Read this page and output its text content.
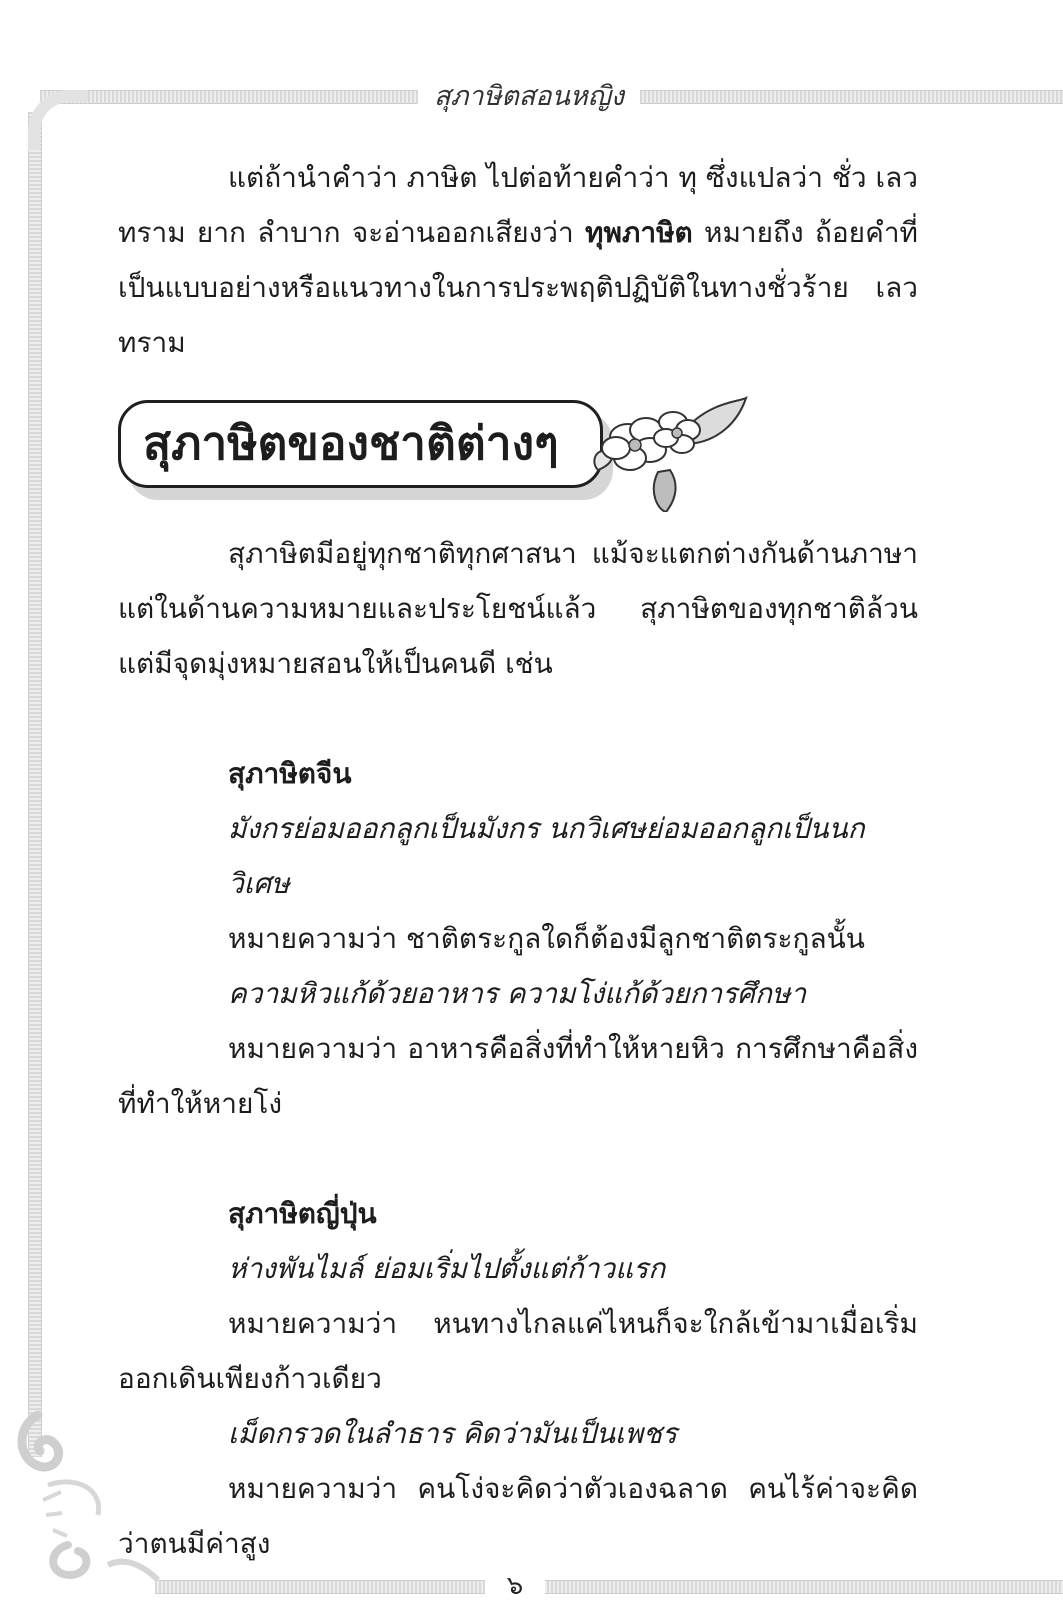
สุภาษิตสอนหญิง

แต่ถ้านำคำว่า ภาษิต ไปต่อท้ายคำว่า ทุ ซึ่งแปลว่า ชั่ว เลว ทราม ยาก ลำบาก จะอ่านออกเสียงว่า ทุพภาษิต หมายถึง ถ้อยคำที่เป็นแบบอย่างหรือแนวทางในการประพฤติปฏิบัติในทางชั่วร้าย เลวทราม

สุภาษิตของชาติต่างๆ

สุภาษิตมีอยู่ทุกชาติทุกศาสนา แม้จะแตกต่างกันด้านภาษา แต่ในด้านความหมายและประโยชน์แล้ว สุภาษิตของทุกชาติล้วนแต่มีจุดมุ่งหมายสอนให้เป็นคนดี เช่น

สุภาษิตจีน

มังกรย่อมออกลูกเป็นมังกร นกวิเศษย่อมออกลูกเป็นนกวิเศษ

หมายความว่า ชาติตระกูลใดก็ต้องมีลูกชาติตระกูลนั้น

ความหิวแก้ด้วยอาหาร ความโง่แก้ด้วยการศึกษา

หมายความว่า อาหารคือสิ่งที่ทำให้หายหิว การศึกษาคือสิ่งที่ทำให้หายโง่

สุภาษิตญี่ปุ่น

ห่างพันไมล์ ย่อมเริ่มไปตั้งแต่ก้าวแรก

หมายความว่า หนทางไกลแค่ไหนก็จะใกล้เข้ามาเมื่อเริ่มออกเดินเพียงก้าวเดียว

เม็ดกรวดในลำธาร คิดว่ามันเป็นเพชร

หมายความว่า คนโง่จะคิดว่าตัวเองฉลาด คนไร้ค่าจะคิดว่าตนมีค่าสูง

๖
